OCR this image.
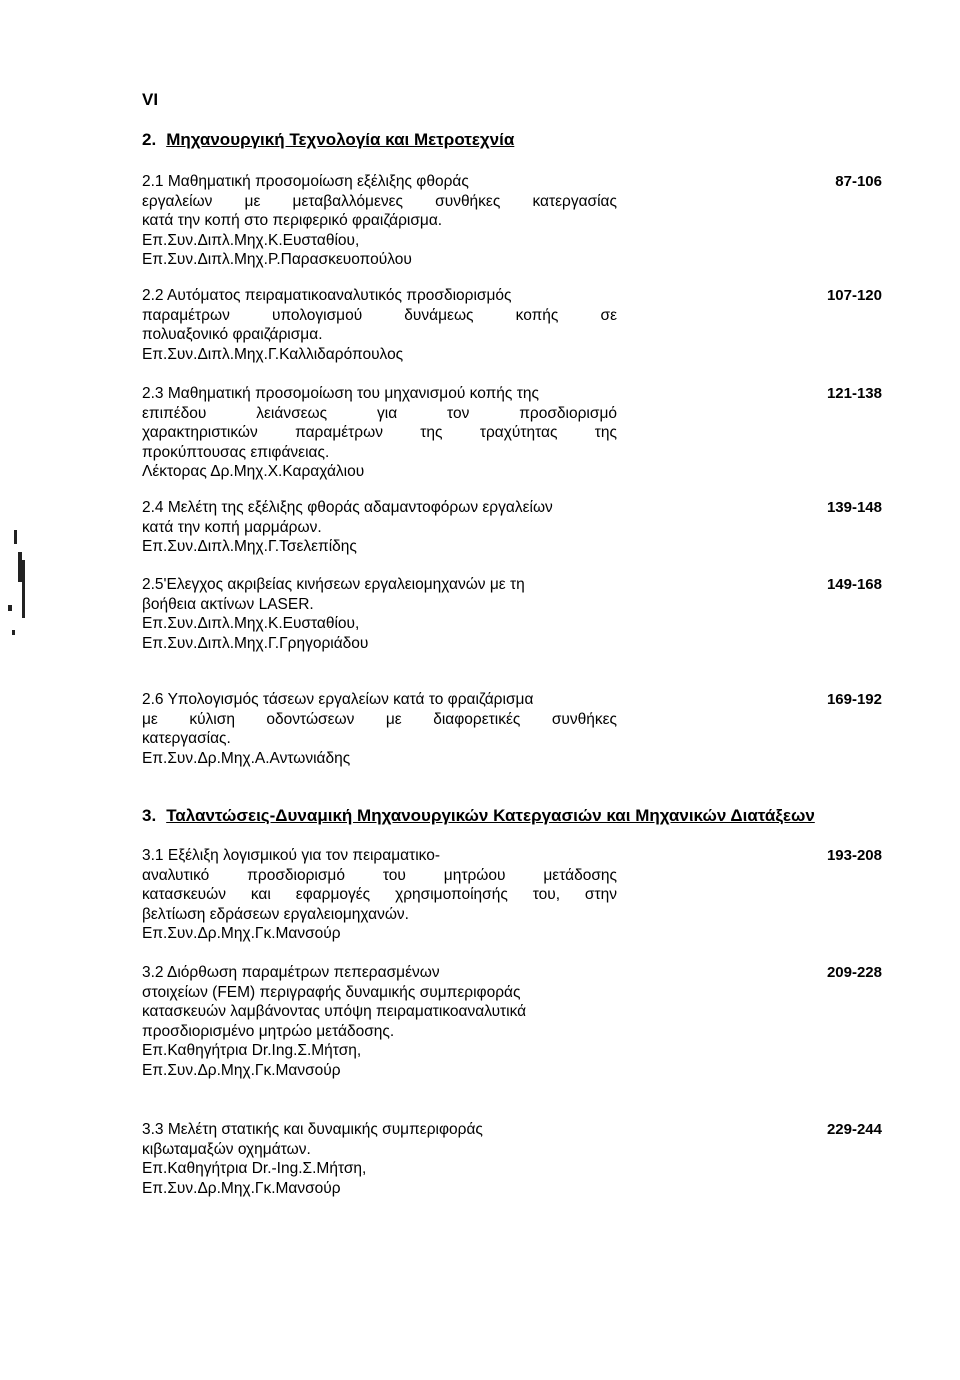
VI
2. Μηχανουργική Τεχνολογία και Μετροτεχνία
2.1 Μαθηματική προσομοίωση εξέλιξης φθοράς
εργαλείων με μεταβαλλόμενες συνθήκες κατεργασίας
κατά την κοπή στο περιφερικό φραιζάρισμα.
Επ.Συν.Διπλ.Μηχ.Κ.Ευσταθίου,
Επ.Συν.Διπλ.Μηχ.Ρ.Παρασκευοπούλου
87-106
2.2 Αυτόματος πειραματικοαναλυτικός προσδιορισμός
παραμέτρων υπολογισμού δυνάμεως κοπής σε
πολυαξονικό φραιζάρισμα.
Επ.Συν.Διπλ.Μηχ.Γ.Καλλιδαρόπουλος
107-120
2.3 Μαθηματική προσομοίωση του μηχανισμού κοπής της
επιπέδου λειάνσεως για τον προσδιορισμό
χαρακτηριστικών παραμέτρων της τραχύτητας της
προκύπτουσας επιφάνειας.
Λέκτορας Δρ.Μηχ.Χ.Καραχάλιου
121-138
2.4 Μελέτη της εξέλιξης φθοράς αδαμαντοφόρων εργαλείων
κατά την κοπή μαρμάρων.
Επ.Συν.Διπλ.Μηχ.Γ.Τσελεπίδης
139-148
2.5'Ελεγχος ακριβείας κινήσεων εργαλειομηχανών με τη
βοήθεια ακτίνων LASER.
Επ.Συν.Διπλ.Μηχ.Κ.Ευσταθίου,
Επ.Συν.Διπλ.Μηχ.Γ.Γρηγοριάδου
149-168
2.6 Υπολογισμός τάσεων εργαλείων κατά το φραιζάρισμα
με κύλιση οδοντώσεων με διαφορετικές συνθήκες
κατεργασίας.
Επ.Συν.Δρ.Μηχ.Α.Αντωνιάδης
169-192
3. Ταλαντώσεις-Δυναμική Μηχανουργικών Κατεργασιών και Μηχανικών Διατάξεων
3.1 Εξέλιξη λογισμικού για τον πειραματικο-
αναλυτικό προσδιορισμό του μητρώου μετάδοσης
κατασκευών και εφαρμογές χρησιμοποίησής του, στην
βελτίωση εδράσεων εργαλειομηχανών.
Επ.Συν.Δρ.Μηχ.Γκ.Μανσούρ
193-208
3.2 Διόρθωση παραμέτρων πεπερασμένων
στοιχείων (FEM) περιγραφής δυναμικής συμπεριφοράς
κατασκευών λαμβάνοντας υπόψη πειραματικοαναλυτικά
προσδιορισμένο μητρώο μετάδοσης.
Επ.Καθηγήτρια Dr.Ing.Σ.Μήτση,
Επ.Συν.Δρ.Μηχ.Γκ.Μανσούρ
209-228
3.3 Μελέτη στατικής και δυναμικής συμπεριφοράς
κιβωταμαξών οχημάτων.
Επ.Καθηγήτρια Dr.-Ing.Σ.Μήτση,
Επ.Συν.Δρ.Μηχ.Γκ.Μανσούρ
229-244
